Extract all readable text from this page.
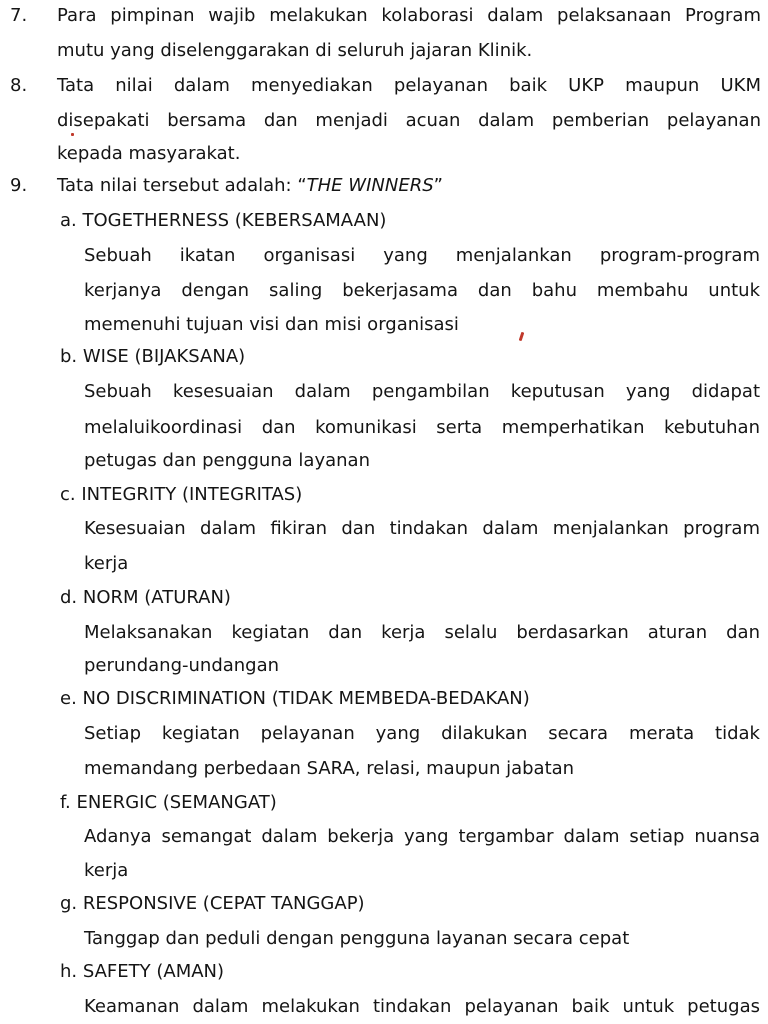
7. Para pimpinan wajib melakukan kolaborasi dalam pelaksanaan Program
mutu yang diselenggarakan di seluruh jajaran Klinik.
8. Tata nilai dalam menyediakan pelayanan baik UKP maupun UKM
disepakati bersama dan menjadi acuan dalam pemberian pelayanan
kepada masyarakat.
9. Tata nilai tersebut adalah: “THE WINNERS”
a. TOGETHERNESS (KEBERSAMAAN)
Sebuah ikatan organisasi yang menjalankan program-program
kerjanya dengan saling bekerjasama dan bahu membahu untuk
memenuhi tujuan visi dan misi organisasi
b. WISE (BIJAKSANA)
Sebuah kesesuaian dalam pengambilan keputusan yang didapat
melaluikoordinasi dan komunikasi serta memperhatikan kebutuhan
petugas dan pengguna layanan
c. INTEGRITY (INTEGRITAS)
Kesesuaian dalam fikiran dan tindakan dalam menjalankan program
kerja
d. NORM (ATURAN)
Melaksanakan kegiatan dan kerja selalu berdasarkan aturan dan
perundang-undangan
e. NO DISCRIMINATION (TIDAK MEMBEDA-BEDAKAN)
Setiap kegiatan pelayanan yang dilakukan secara merata tidak
memandang perbedaan SARA, relasi, maupun jabatan
f. ENERGIC (SEMANGAT)
Adanya semangat dalam bekerja yang tergambar dalam setiap nuansa
kerja
g. RESPONSIVE (CEPAT TANGGAP)
Tanggap dan peduli dengan pengguna layanan secara cepat
h. SAFETY (AMAN)
Keamanan dalam melakukan tindakan pelayanan baik untuk petugas
